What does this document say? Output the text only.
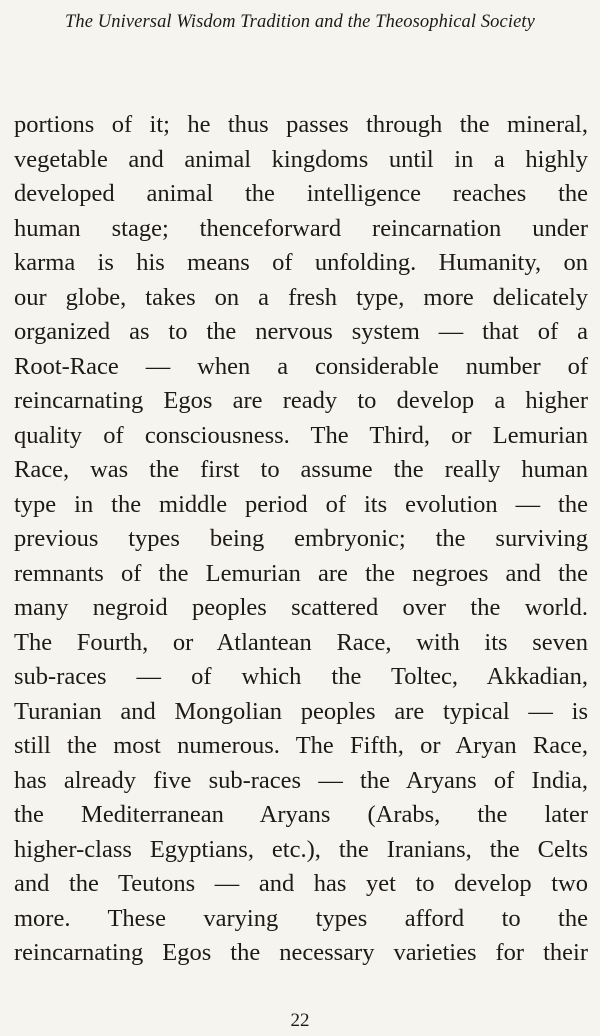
The Universal Wisdom Tradition and the Theosophical Society
portions of it; he thus passes through the mineral,
vegetable and animal kingdoms until in a highly
developed animal the intelligence reaches the
human stage; thenceforward reincarnation under
karma is his means of unfolding. Humanity, on
our globe, takes on a fresh type, more delicately
organized as to the nervous system — that of a
Root-Race — when a considerable number of
reincarnating Egos are ready to develop a higher
quality of consciousness. The Third, or Lemurian
Race, was the first to assume the really human
type in the middle period of its evolution — the
previous types being embryonic; the surviving
remnants of the Lemurian are the negroes and the
many negroid peoples scattered over the world.
The Fourth, or Atlantean Race, with its seven
sub-races — of which the Toltec, Akkadian,
Turanian and Mongolian peoples are typical — is
still the most numerous. The Fifth, or Aryan Race,
has already five sub-races — the Aryans of India,
the Mediterranean Aryans (Arabs, the later
higher-class Egyptians, etc.), the Iranians, the Celts
and the Teutons — and has yet to develop two
more. These varying types afford to the
reincarnating Egos the necessary varieties for their
22
